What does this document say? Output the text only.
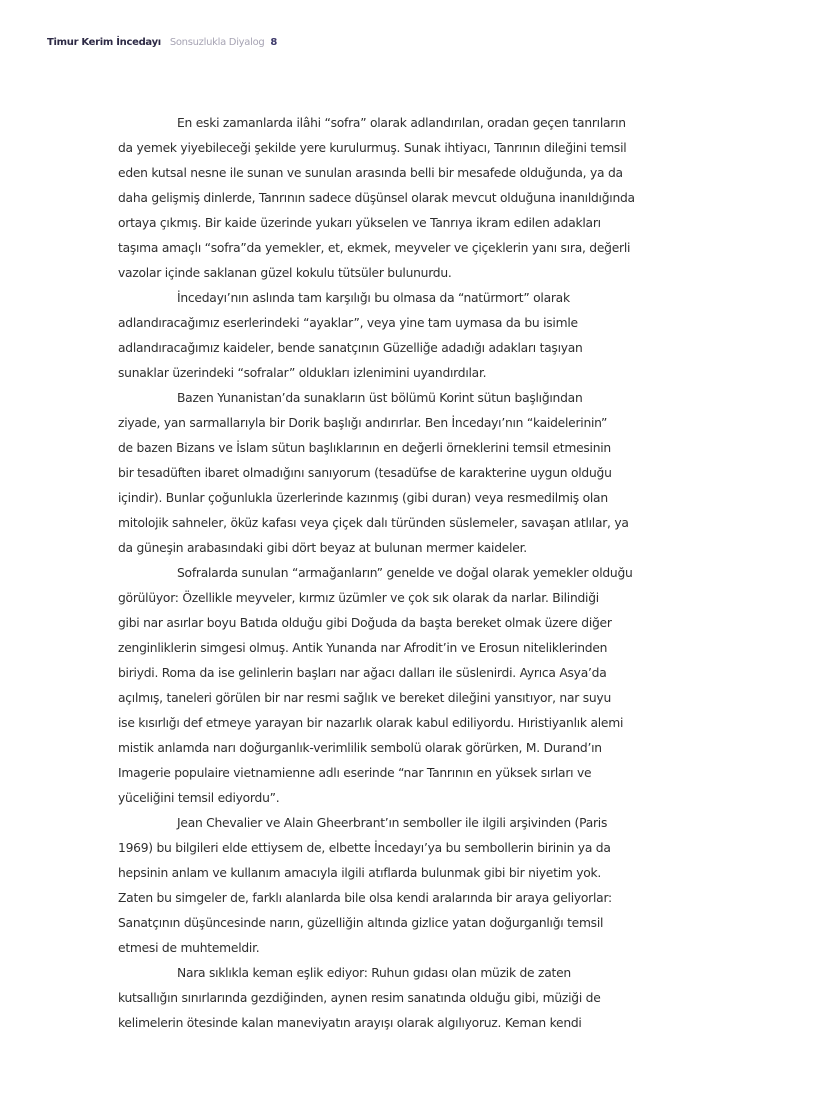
Timur Kerim İncedayı Sonsuzlukla Diyalog 8
En eski zamanlarda ilâhi “sofra” olarak adlandırılan, oradan geçen tanrıların
da yemek yiyebileceği şekilde yere kurulurmuş. Sunak ihtiyacı, Tanrının dileğini temsil
eden kutsal nesne ile sunan ve sunulan arasında belli bir mesafede olduğunda, ya da
daha gelişmiş dinlerde, Tanrının sadece düşünsel olarak mevcut olduğuna inanıldığında
ortaya çıkmış. Bir kaide üzerinde yukarı yükselen ve Tanrıya ikram edilen adakları
taşıma amaçlı “sofra”da yemekler, et, ekmek, meyveler ve çiçeklerin yanı sıra, değerli
vazolar içinde saklanan güzel kokulu tütsüler bulunurdu.
İncedayı’nın aslında tam karşılığı bu olmasa da “natürmort” olarak
adlandıracağımız eserlerindeki “ayaklar”, veya yine tam uymasa da bu isimle
adlandıracağımız kaideler, bende sanatçının Güzelliğe adadığı adakları taşıyan
sunaklar üzerindeki “sofralar” oldukları izlenimini uyandırdılar.
Bazen Yunanistan’da sunakların üst bölümü Korint sütun başlığından
ziyade, yan sarmallarıyla bir Dorik başlığı andırırlar. Ben İncedayı’nın “kaidelerinin”
de bazen Bizans ve İslam sütun başlıklarının en değerli örneklerini temsil etmesinin
bir tesadüften ibaret olmadığını sanıyorum (tesadüfse de karakterine uygun olduğu
içindir). Bunlar çoğunlukla üzerlerinde kazınmış (gibi duran) veya resmedilmiş olan
mitolojik sahneler, öküz kafası veya çiçek dalı türünden süslemeler, savaşan atlılar, ya
da güneşin arabasındaki gibi dört beyaz at bulunan mermer kaideler.
Sofralarda sunulan “armağanların” genelde ve doğal olarak yemekler olduğu
görülüyor: Özellikle meyveler, kırmız üzümler ve çok sık olarak da narlar. Bilindiği
gibi nar asırlar boyu Batıda olduğu gibi Doğuda da başta bereket olmak üzere diğer
zenginliklerin simgesi olmuş. Antik Yunanda nar Afrodit’in ve Erosun niteliklerinden
biriydi. Roma da ise gelinlerin başları nar ağacı dalları ile süslenirdi. Ayrıca Asya’da
açılmış, taneleri görülen bir nar resmi sağlık ve bereket dileğini yansıtıyor, nar suyu
ise kısırlığı def etmeye yarayan bir nazarlık olarak kabul ediliyordu. Hıristiyanlık alemi
mistik anlamda narı doğurganlık-verimlilik sembolü olarak görürken, M. Durand’ın
Imagerie populaire vietnamienne adlı eserinde “nar Tanrının en yüksek sırları ve
yüceliğini temsil ediyordu”.
Jean Chevalier ve Alain Gheerbrant’ın semboller ile ilgili arşivinden (Paris
1969) bu bilgileri elde ettiysem de, elbette İncedayı’ya bu sembollerin birinin ya da
hepsinin anlam ve kullanım amacıyla ilgili atıflarda bulunmak gibi bir niyetim yok.
Zaten bu simgeler de, farklı alanlarda bile olsa kendi aralarında bir araya geliyorlar:
Sanatçının düşüncesinde narın, güzelliğin altında gizlice yatan doğurganlığı temsil
etmesi de muhtemeldir.
Nara sıklıkla keman eşlik ediyor: Ruhun gıdası olan müzik de zaten
kutsallığın sınırlarında gezdiğinden, aynen resim sanatında olduğu gibi, müziği de
kelimelerin ötesinde kalan maneviyatın arayışı olarak algılıyoruz. Keman kendi
